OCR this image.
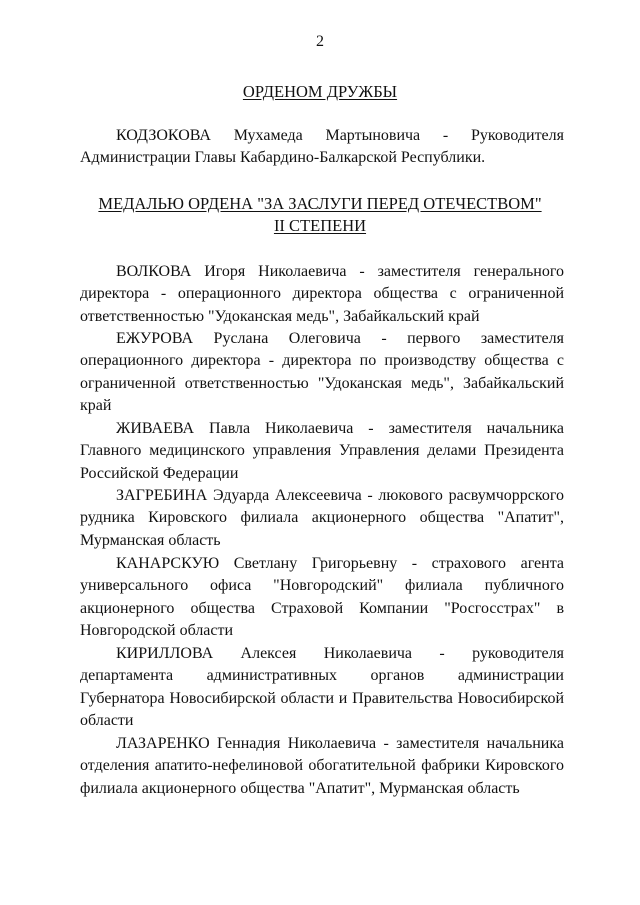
2
ОРДЕНОМ ДРУЖБЫ

КОДЗОКОВА Мухамеда Мартыновича - Руководителя Администрации Главы Кабардино-Балкарской Республики.

МЕДАЛЬЮ ОРДЕНА "ЗА ЗАСЛУГИ ПЕРЕД ОТЕЧЕСТВОМ"
II СТЕПЕНИ

ВОЛКОВА Игоря Николаевича - заместителя генерального директора - операционного директора общества с ограниченной ответственностью "Удоканская медь", Забайкальский край

ЕЖУРОВА Руслана Олеговича - первого заместителя операционного директора - директора по производству общества с ограниченной ответственностью "Удоканская медь", Забайкальский край

ЖИВАЕВА Павла Николаевича - заместителя начальника Главного медицинского управления Управления делами Президента Российской Федерации

ЗАГРЕБИНА Эдуарда Алексеевича - люкового расвумчоррского рудника Кировского филиала акционерного общества "Апатит", Мурманская область

КАНАРСКУЮ Светлану Григорьевну - страхового агента универсального офиса "Новгородский" филиала публичного акционерного общества Страховой Компании "Росгосстрах" в Новгородской области

КИРИЛЛОВА Алексея Николаевича - руководителя департамента административных органов администрации Губернатора Новосибирской области и Правительства Новосибирской области

ЛАЗАРЕНКО Геннадия Николаевича - заместителя начальника отделения апатито-нефелиновой обогатительной фабрики Кировского филиала акционерного общества "Апатит", Мурманская область
